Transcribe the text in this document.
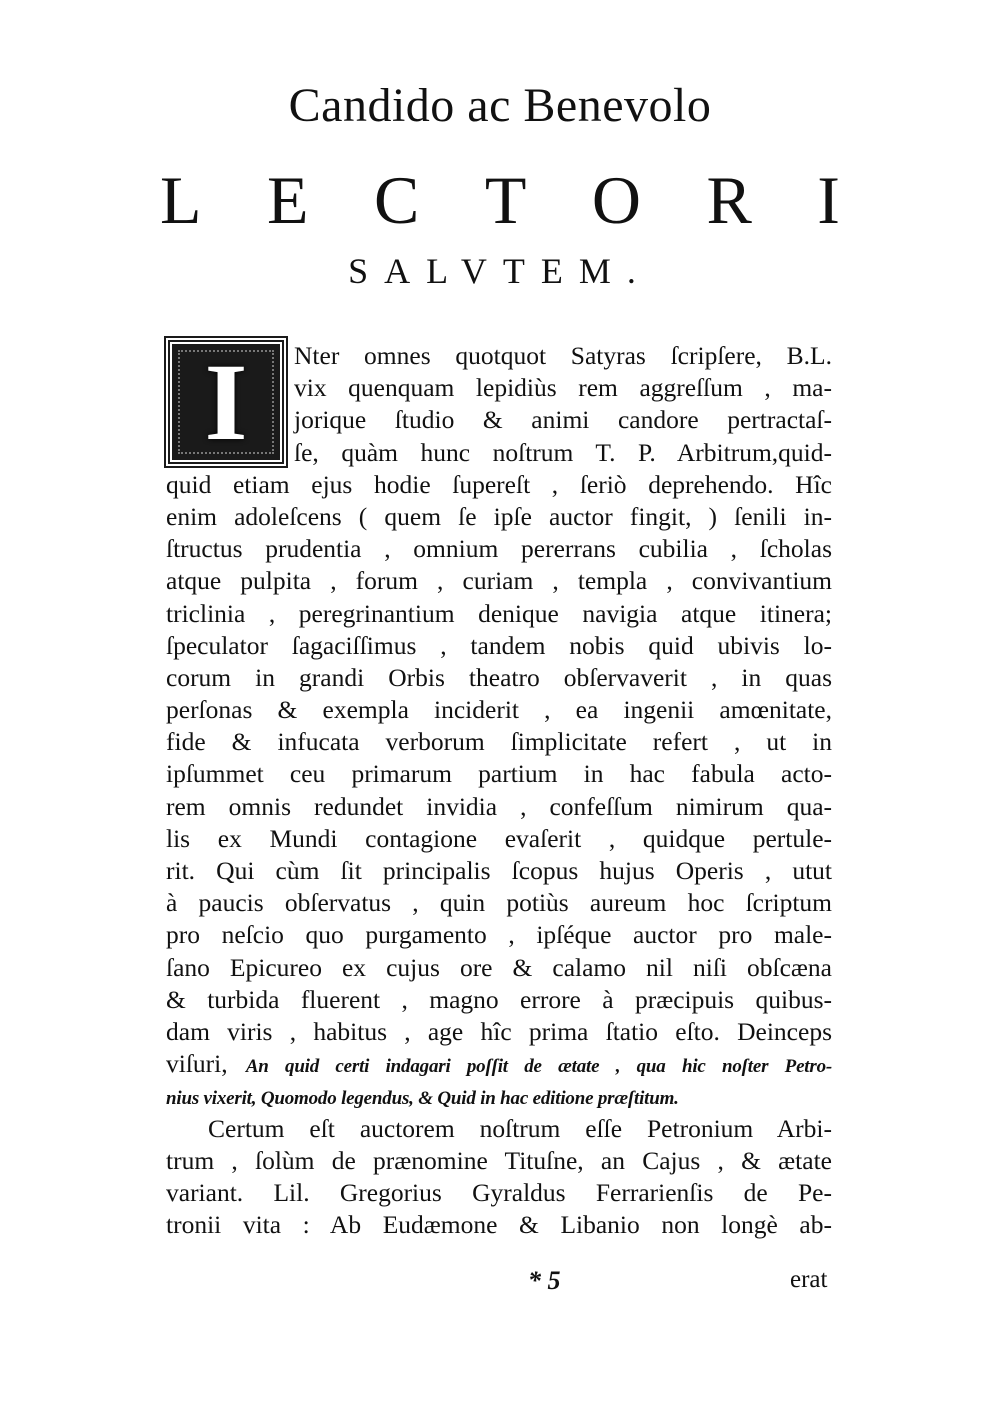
Candido ac Benevolo
L E C T O R I
SALVTEM.
I Nter omnes quotquot Satyras ſcripſere, B.L.
vix quenquam lepidiùs rem aggreſſum , ma-
jorique ſtudio & animi candore pertractaſ-
ſe, quàm hunc noſtrum T. P. Arbitrum,quid-
quid etiam ejus hodie ſupereſt , ſeriò deprehendo. Hîc
enim adoleſcens ( quem ſe ipſe auctor fingit, ) ſenili in-
ſtructus prudentia , omnium pererrans cubilia , ſcholas
atque pulpita , forum , curiam , templa , convivantium
triclinia , peregrinantium denique navigia atque itinera;
ſpeculator ſagaciſſimus , tandem nobis quid ubivis lo-
corum in grandi Orbis theatro obſervaverit , in quas
perſonas & exempla inciderit , ea ingenii amœnitate,
fide & infucata verborum ſimplicitate refert , ut in
ipſummet ceu primarum partium in hac fabula acto-
rem omnis redundet invidia , confeſſum nimirum qua-
lis ex Mundi contagione evaſerit , quidque pertule-
rit. Qui cùm ſit principalis ſcopus hujus Operis , utut
à paucis obſervatus , quin potiùs aureum hoc ſcriptum
pro neſcio quo purgamento , ipſéque auctor pro male-
ſano Epicureo ex cujus ore & calamo nil niſi obſcæna
& turbida fluerent , magno errore à præcipuis quibus-
dam viris , habitus , age hîc prima ſtatio eſto. Deinceps
viſuri, An quid certi indagari poſſit de ætate , qua hic noſter Petro-
nius vixerit, Quomodo legendus, & Quid in hac editione præſtitum.
Certum eſt auctorem noſtrum eſſe Petronium Arbi-
trum , ſolùm de prænomine Tituſne, an Cajus , & ætate
variant. Lil. Gregorius Gyraldus Ferrarienſis de Pe-
tronii vita : Ab Eudæmone & Libanio non longè ab-
* 5	erat
